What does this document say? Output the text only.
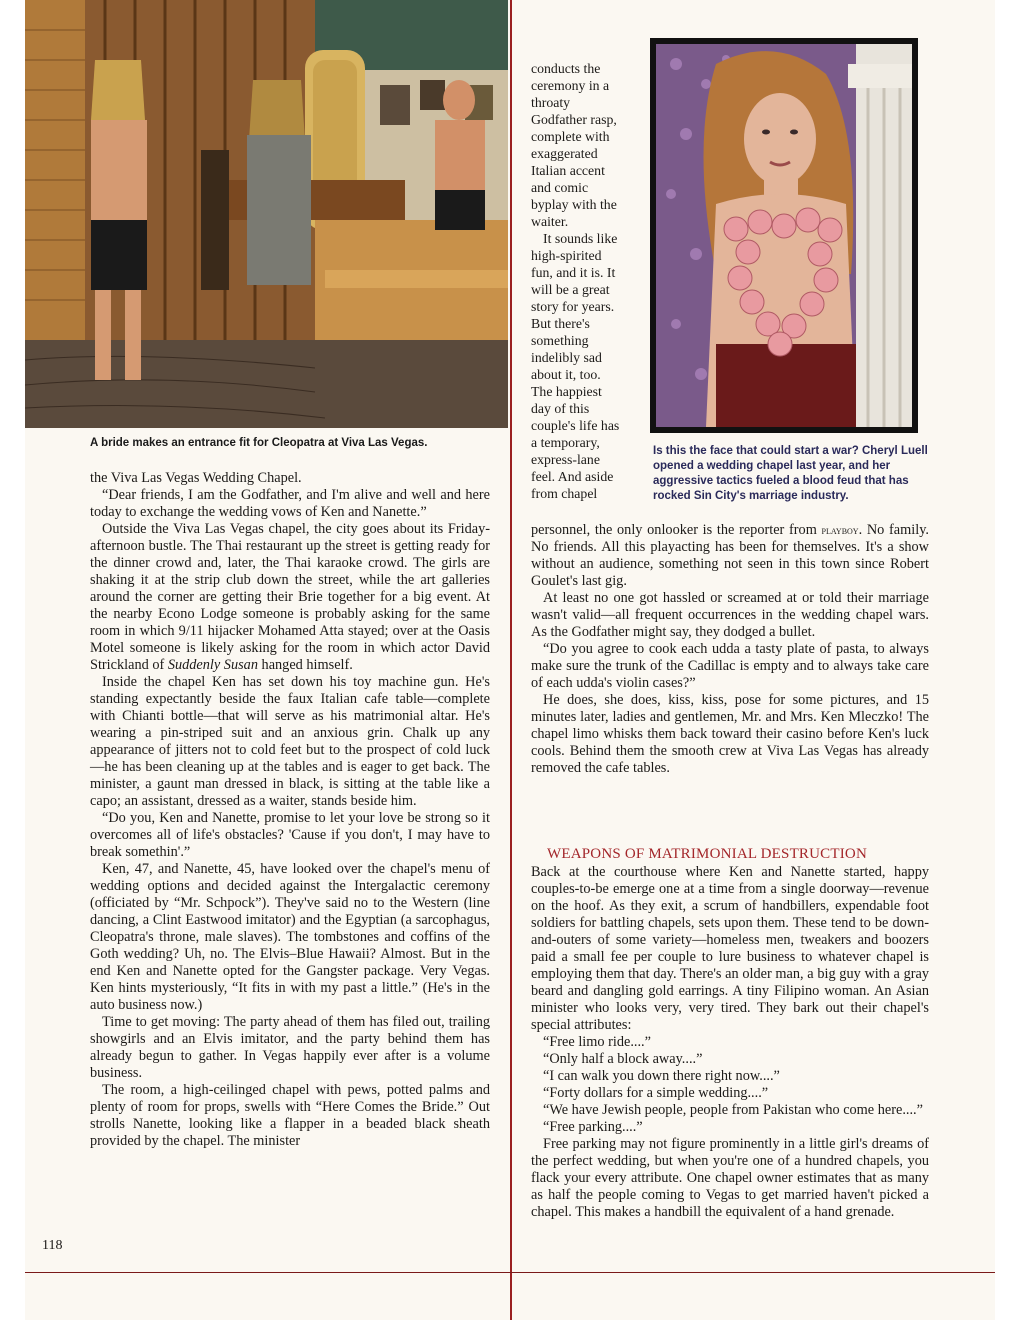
A bride makes an entrance fit for Cleopatra at Viva Las Vegas.
Is this the face that could start a war? Cheryl Luell opened a wedding chapel last year, and her aggressive tactics fueled a blood feud that has rocked Sin City's marriage industry.

conducts the ceremony in a throaty Godfather rasp, complete with exaggerated Italian accent and comic byplay with the waiter.

It sounds like high-spirited fun, and it is. It will be a great story for years. But there's something indelibly sad about it, too. The happiest day of this couple's life has a temporary, express-lane feel. And aside from chapel

the Viva Las Vegas Wedding Chapel.

“Dear friends, I am the Godfather, and I'm alive and well and here today to exchange the wedding vows of Ken and Nanette.”

Outside the Viva Las Vegas chapel, the city goes about its Friday-afternoon bustle. The Thai restaurant up the street is getting ready for the dinner crowd and, later, the Thai karaoke crowd. The girls are shaking it at the strip club down the street, while the art galleries around the corner are getting their Brie together for a big event. At the nearby Econo Lodge someone is probably asking for the same room in which 9/11 hijacker Mohamed Atta stayed; over at the Oasis Motel someone is likely asking for the room in which actor David Strickland of Suddenly Susan hanged himself.

Inside the chapel Ken has set down his toy machine gun. He's standing expectantly beside the faux Italian cafe table—complete with Chianti bottle—that will serve as his matrimonial altar. He's wearing a pin-striped suit and an anxious grin. Chalk up any appearance of jitters not to cold feet but to the prospect of cold luck—he has been cleaning up at the tables and is eager to get back. The minister, a gaunt man dressed in black, is sitting at the table like a capo; an assistant, dressed as a waiter, stands beside him.

“Do you, Ken and Nanette, promise to let your love be strong so it overcomes all of life's obstacles? 'Cause if you don't, I may have to break somethin'.”

Ken, 47, and Nanette, 45, have looked over the chapel's menu of wedding options and decided against the Intergalactic ceremony (officiated by “Mr. Schpock”). They've said no to the Western (line dancing, a Clint Eastwood imitator) and the Egyptian (a sarcophagus, Cleopatra's throne, male slaves). The tombstones and coffins of the Goth wedding? Uh, no. The Elvis–Blue Hawaii? Almost. But in the end Ken and Nanette opted for the Gangster package. Very Vegas. Ken hints mysteriously, “It fits in with my past a little.” (He's in the auto business now.)

Time to get moving: The party ahead of them has filed out, trailing showgirls and an Elvis imitator, and the party behind them has already begun to gather. In Vegas happily ever after is a volume business.

The room, a high-ceilinged chapel with pews, potted palms and plenty of room for props, swells with “Here Comes the Bride.” Out strolls Nanette, looking like a flapper in a beaded black sheath provided by the chapel. The minister

personnel, the only onlooker is the reporter from playboy. No family. No friends. All this playacting has been for themselves. It's a show without an audience, something not seen in this town since Robert Goulet's last gig.

At least no one got hassled or screamed at or told their marriage wasn't valid—all frequent occurrences in the wedding chapel wars. As the Godfather might say, they dodged a bullet.

“Do you agree to cook each udda a tasty plate of pasta, to always make sure the trunk of the Cadillac is empty and to always take care of each udda's violin cases?”

He does, she does, kiss, kiss, pose for some pictures, and 15 minutes later, ladies and gentlemen, Mr. and Mrs. Ken Mleczko! The chapel limo whisks them back toward their casino before Ken's luck cools. Behind them the smooth crew at Viva Las Vegas has already removed the cafe tables.

WEAPONS OF MATRIMONIAL DESTRUCTION

Back at the courthouse where Ken and Nanette started, happy couples-to-be emerge one at a time from a single doorway—revenue on the hoof. As they exit, a scrum of handbillers, expendable foot soldiers for battling chapels, sets upon them. These tend to be down-and-outers of some variety—homeless men, tweakers and boozers paid a small fee per couple to lure business to whatever chapel is employing them that day. There's an older man, a big guy with a gray beard and dangling gold earrings. A tiny Filipino woman. An Asian minister who looks very, very tired. They bark out their chapel's special attributes:

“Free limo ride....”

“Only half a block away....”

“I can walk you down there right now....”

“Forty dollars for a simple wedding....”

“We have Jewish people, people from Pakistan who come here....”

“Free parking....”

Free parking may not figure prominently in a little girl's dreams of the perfect wedding, but when you're one of a hundred chapels, you flack your every attribute. One chapel owner estimates that as many as half the people coming to Vegas to get married haven't picked a chapel. This makes a handbill the equivalent of a hand grenade.

118
